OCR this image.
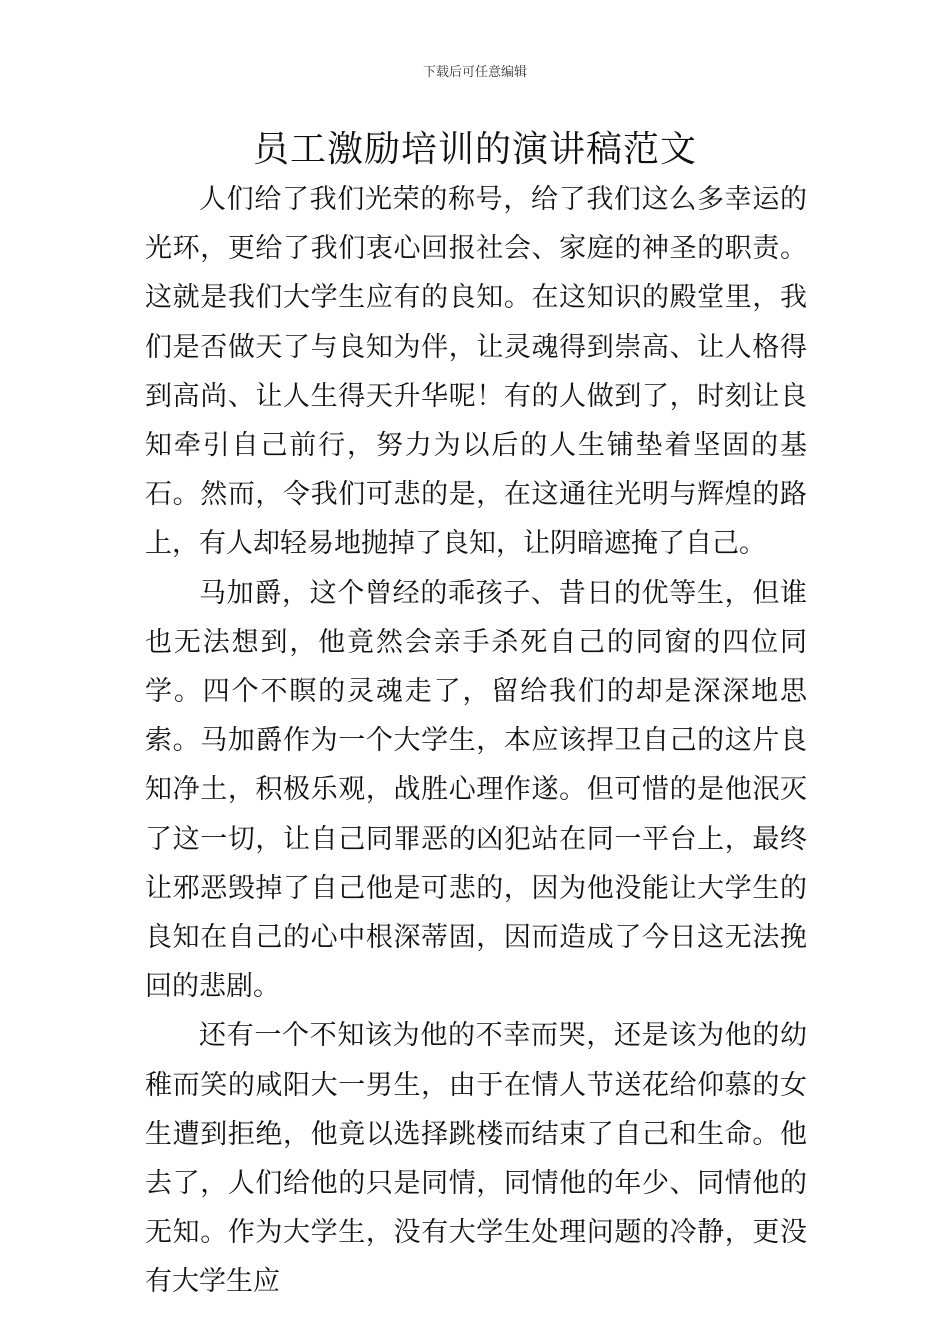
下载后可任意编辑
员工激励培训的演讲稿范文

人们给了我们光荣的称号，给了我们这么多幸运的光环，更给了我们衷心回报社会、家庭的神圣的职责。这就是我们大学生应有的良知。在这知识的殿堂里，我们是否做天了与良知为伴，让灵魂得到崇高、让人格得到高尚、让人生得天升华呢！有的人做到了，时刻让良知牵引自己前行，努力为以后的人生铺垫着坚固的基石。然而，令我们可悲的是，在这通往光明与辉煌的路上，有人却轻易地抛掉了良知，让阴暗遮掩了自己。

马加爵，这个曾经的乖孩子、昔日的优等生，但谁也无法想到，他竟然会亲手杀死自己的同窗的四位同学。四个不瞑的灵魂走了，留给我们的却是深深地思索。马加爵作为一个大学生，本应该捍卫自己的这片良知净土，积极乐观，战胜心理作遂。但可惜的是他泯灭了这一切，让自己同罪恶的凶犯站在同一平台上，最终让邪恶毁掉了自己他是可悲的，因为他没能让大学生的良知在自己的心中根深蒂固，因而造成了今日这无法挽回的悲剧。

还有一个不知该为他的不幸而哭，还是该为他的幼稚而笑的咸阳大一男生，由于在情人节送花给仰慕的女生遭到拒绝，他竟以选择跳楼而结束了自己和生命。他去了，人们给他的只是同情，同情他的年少、同情他的无知。作为大学生，没有大学生处理问题的冷静，更没有大学生应
